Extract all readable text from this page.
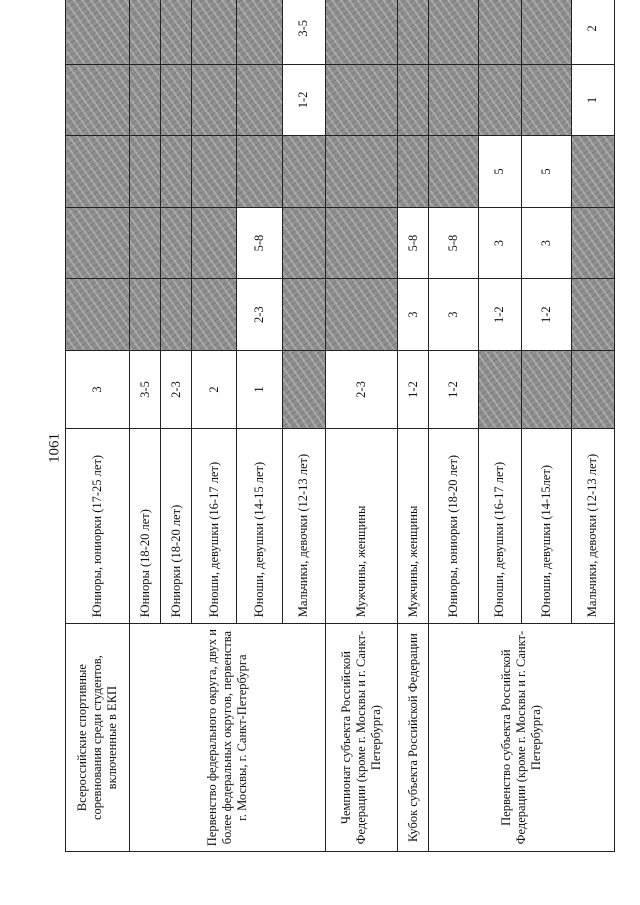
1061
Всероссийские спортивные соревнования среди студентов, включенные в ЕКП	Юниоры, юниорки (17-25 лет)	3					
Первенство федерального округа, двух и более федеральных округов, первенства г. Москвы, г. Санкт-Петербурга	Юниоры (18-20 лет)	3-5					
	Юниорки (18-20 лет)	2-3					
	Юноши, девушки (16-17 лет)	2					
	Юноши, девушки (14-15 лет)	1	2-3	5-8			
	Мальчики, девочки (12-13 лет)					1-2	3-5
Чемпионат субъекта Российской Федерации (кроме г. Москвы и г. Санкт-Петербурга)	Мужчины, женщины	2-3					
Кубок субъекта Российской Федерации	Мужчины, женщины	1-2	3	5-8			
Первенство субъекта Российской Федерации (кроме г. Москвы и г. Санкт-Петербурга)	Юниоры, юниорки (18-20 лет)	1-2	3	5-8			
	Юноши, девушки (16-17 лет)		1-2	3	5		
	Юноши, девушки (14-15лет)		1-2	3	5		
	Мальчики, девочки (12-13 лет)					1	2
